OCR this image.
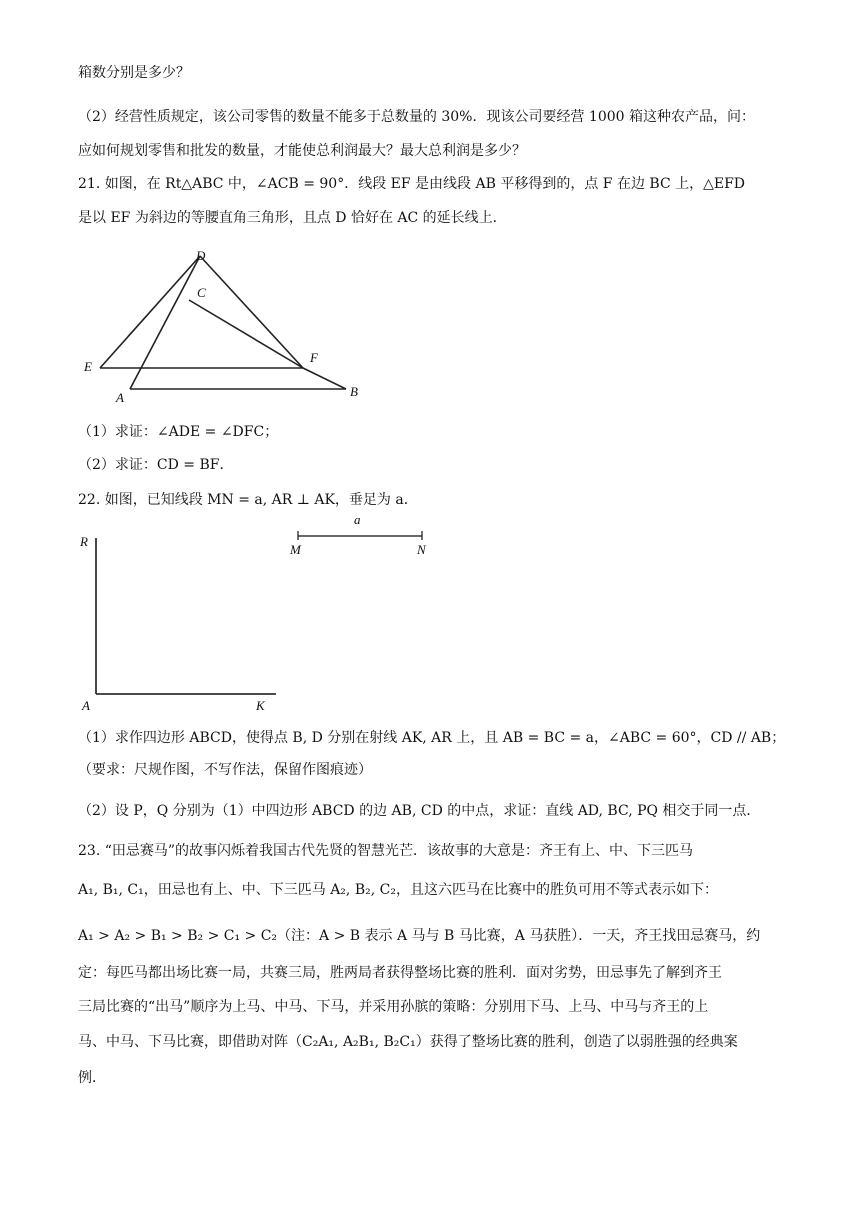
箱数分别是多少？
（2）经营性质规定，该公司零售的数量不能多于总数量的 30%．现该公司要经营 1000 箱这种农产品，问：
应如何规划零售和批发的数量，才能使总利润最大？最大总利润是多少？
21. 如图，在 Rt△ABC 中，∠ACB = 90°．线段 EF 是由线段 AB 平移得到的，点 F 在边 BC 上，△EFD
是以 EF 为斜边的等腰直角三角形，且点 D 恰好在 AC 的延长线上．
D
C
E
F
A	B
（1）求证：∠ADE = ∠DFC；
（2）求证：CD = BF．
22. 如图，已知线段 MN = a, AR ⊥ AK，垂足为 a．
R
A	K
a
M	N
（1）求作四边形 ABCD，使得点 B, D 分别在射线 AK, AR 上，且 AB = BC = a，∠ABC = 60°，CD // AB；
（要求：尺规作图，不写作法，保留作图痕迹）
（2）设 P，Q 分别为（1）中四边形 ABCD 的边 AB, CD 的中点，求证：直线 AD, BC, PQ 相交于同一点．
23. “田忌赛马”的故事闪烁着我国古代先贤的智慧光芒．该故事的大意是：齐王有上、中、下三匹马
A₁, B₁, C₁，田忌也有上、中、下三匹马 A₂, B₂, C₂，且这六匹马在比赛中的胜负可用不等式表示如下：
A₁ > A₂ > B₁ > B₂ > C₁ > C₂（注：A > B 表示 A 马与 B 马比赛，A 马获胜）．一天，齐王找田忌赛马，约
定：每匹马都出场比赛一局，共赛三局，胜两局者获得整场比赛的胜利．面对劣势，田忌事先了解到齐王
三局比赛的“出马”顺序为上马、中马、下马，并采用孙膑的策略：分别用下马、上马、中马与齐王的上
马、中马、下马比赛，即借助对阵（C₂A₁, A₂B₁, B₂C₁）获得了整场比赛的胜利，创造了以弱胜强的经典案
例．
